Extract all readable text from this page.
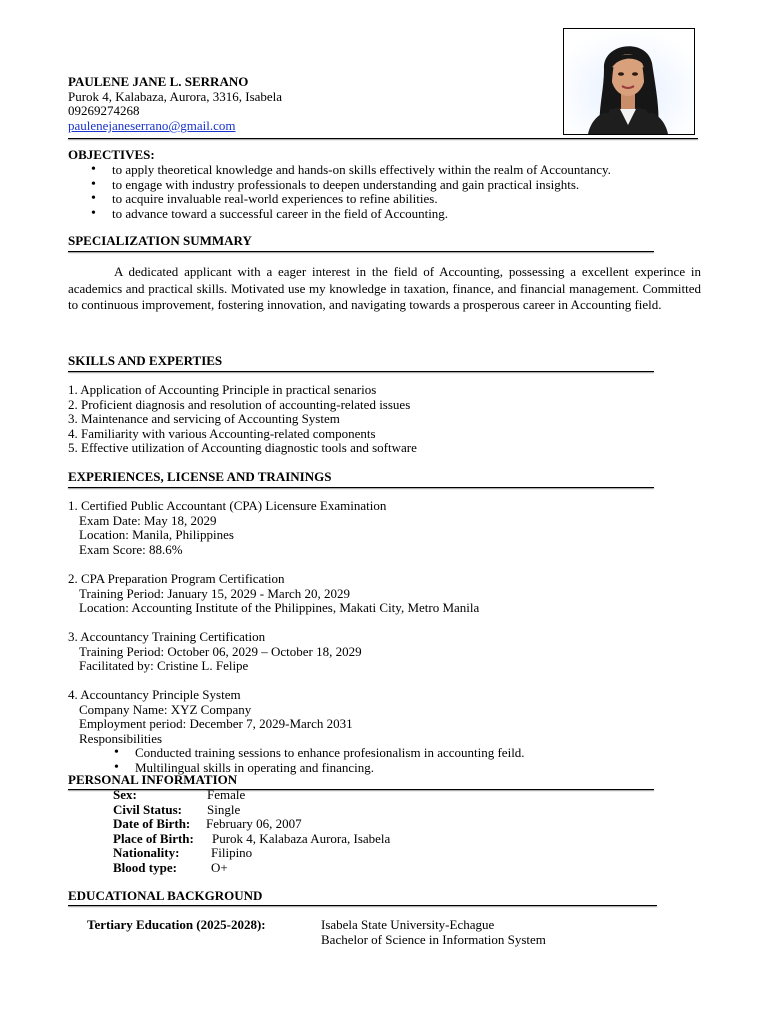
PAULENE JANE L. SERRANO
Purok 4, Kalabaza, Aurora, 3316, Isabela
09269274268
paulenejaneserrano@gmail.com
OBJECTIVES:
• to apply theoretical knowledge and hands-on skills effectively within the realm of Accountancy.
• to engage with industry professionals to deepen understanding and gain practical insights.
• to acquire invaluable real-world experiences to refine abilities.
• to advance toward a successful career in the field of Accounting.
SPECIALIZATION SUMMARY
A dedicated applicant with a eager interest in the field of Accounting, possessing a excellent experince in academics and practical skills. Motivated use my knowledge in taxation, finance, and financial management. Committed to continuous improvement, fostering innovation, and navigating towards a prosperous career in Accounting field.
SKILLS AND EXPERTIES
1. Application of Accounting Principle in practical senarios
2. Proficient diagnosis and resolution of accounting-related issues
3. Maintenance and servicing of Accounting System
4. Familiarity with various Accounting-related components
5. Effective utilization of Accounting diagnostic tools and software
EXPERIENCES, LICENSE AND TRAININGS
1. Certified Public Accountant (CPA) Licensure Examination
Exam Date: May 18, 2029
Location: Manila, Philippines
Exam Score: 88.6%
2. CPA Preparation Program Certification
Training Period: January 15, 2029 - March 20, 2029
Location: Accounting Institute of the Philippines, Makati City, Metro Manila
3. Accountancy Training Certification
Training Period: October 06, 2029 – October 18, 2029
Facilitated by: Cristine L. Felipe
4. Accountancy Principle System
Company Name: XYZ Company
Employment period: December 7, 2029-March 2031
Responsibilities
• Conducted training sessions to enhance profesionalism in accounting feild.
• Multilingual skills in operating and financing.
PERSONAL INFORMATION
Sex:	Female
Civil Status: Single
Date of Birth: February 06, 2007
Place of Birth: Purok 4, Kalabaza Aurora, Isabela
Nationality: Filipino
Blood type:	O+
EDUCATIONAL BACKGROUND
Tertiary Education (2025-2028):	Isabela State University-Echague
Bachelor of Science in Information System
